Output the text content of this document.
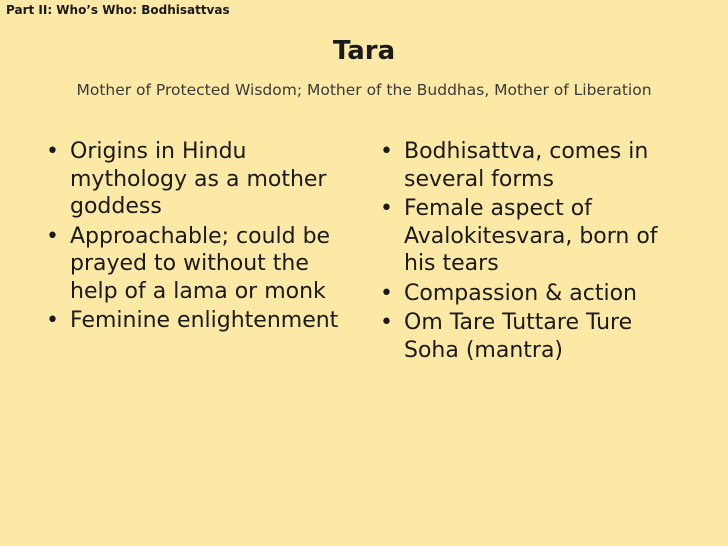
Part II: Who’s Who: Bodhisattvas
Tara
Mother of Protected Wisdom; Mother of the Buddhas, Mother of Liberation
• Origins in Hindu mythology as a mother goddess
• Approachable; could be prayed to without the help of a lama or monk
• Feminine enlightenment
• Bodhisattva, comes in several forms
• Female aspect of Avalokitesvara, born of his tears
• Compassion & action
• Om Tare Tuttare Ture Soha (mantra)
